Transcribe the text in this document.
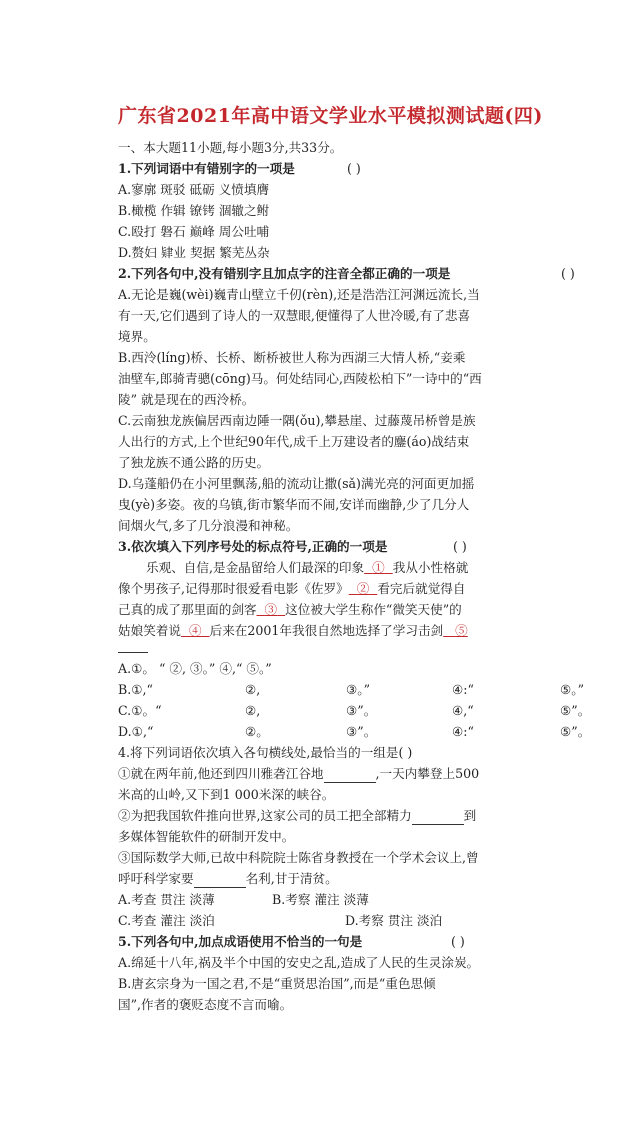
广东省2021年高中语文学业水平模拟测试题(四)
一、本大题11小题,每小题3分,共33分。
1.下列词语中有错别字的一项是	( )
A.寥廓 斑驳 砥砺 义愤填膺
B.橄榄 作辑 镣铐 涸辙之鲋
C.殴打 磐石 巅峰 周公吐哺
D.赘妇 肄业 契据 繁芜丛杂
2.下列各句中,没有错别字且加点字的注音全都正确的一项是	( )
A.无论是巍(wèi)巍青山壁立千仞(rèn),还是浩浩江河渊远流长,当
有一天,它们遇到了诗人的一双慧眼,便懂得了人世冷暖,有了悲喜
境界。
B.西泠(líng)桥、长桥、断桥被世人称为西湖三大情人桥,“妾乘
油壁车,郎骑青骢(cōng)马。何处结同心,西陵松柏下”一诗中的“西
陵” 就是现在的西泠桥。
C.云南独龙族偏居西南边陲一隅(ǒu),攀悬崖、过藤蔑吊桥曾是族
人出行的方式,上个世纪90年代,成千上万建设者的鏖(áo)战结束
了独龙族不通公路的历史。
D.乌蓬船仍在小河里飘荡,船的流动让撒(sǎ)满光亮的河面更加摇
曳(yè)多姿。夜的乌镇,街市繁华而不闹,安详而幽静,少了几分人
间烟火气,多了几分浪漫和神秘。
3.依次填入下列序号处的标点符号,正确的一项是	( )
乐观、自信,是金晶留给人们最深的印象 ① 我从小性格就
像个男孩子,记得那时很爱看电影《佐罗》 ② 看完后就觉得自
己真的成了那里面的剑客 ③ 这位被大学生称作“微笑天使”的
姑娘笑着说 ④ 后来在2001年我很自然地选择了学习击剑 ⑤
A.①。 “ ②, ③。” ④,“ ⑤。”
B.①,“	②,	③。”	④:“	⑤。”
C.①。“	②,	③”。	④,“	⑤”。
D.①,“	②。	③”。	④:“	⑤”。
4.将下列词语依次填入各句横线处,最恰当的一组是( )
①就在两年前,他还到四川雅砻江谷地	,一天内攀登上500
米高的山岭,又下到1 000米深的峡谷。
②为把我国软件推向世界,这家公司的员工把全部精力	到
多媒体智能软件的研制开发中。
③国际数学大师,已故中科院院士陈省身教授在一个学术会议上,曾
呼吁科学家要	名利,甘于清贫。
A.考查 贯注 淡薄	B.考察 灌注 淡薄
C.考查 灌注 淡泊	D.考察 贯注 淡泊
5.下列各句中,加点成语使用不恰当的一句是	( )
A.绵延十八年,祸及半个中国的安史之乱,造成了人民的生灵涂炭。
B.唐玄宗身为一国之君,不是“重贤思治国”,而是“重色思倾
国”,作者的褒贬态度不言而喻。
